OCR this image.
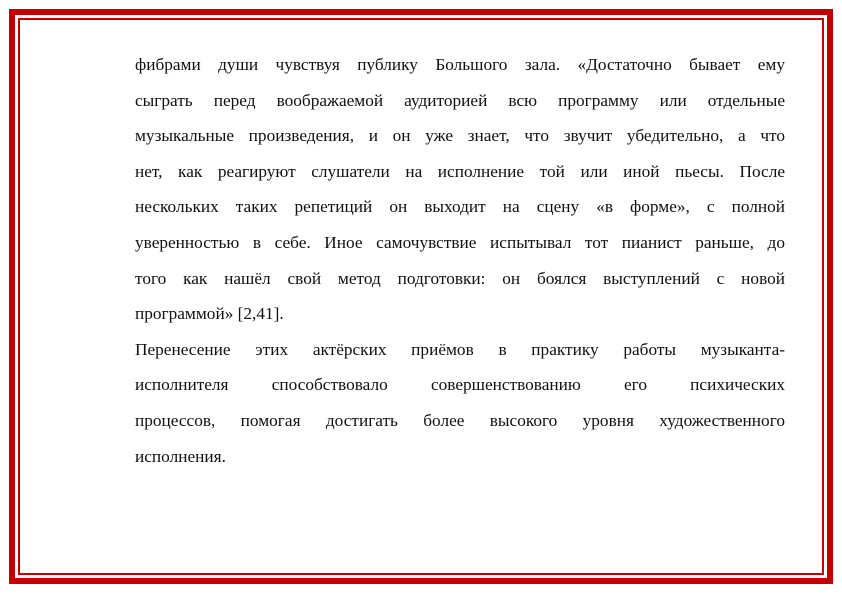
фибрами души чувствуя публику Большого зала. «Достаточно бывает ему
сыграть перед воображаемой аудиторией всю программу или отдельные
музыкальные произведения, и он уже знает, что звучит убедительно, а что
нет, как реагируют слушатели на исполнение той или иной пьесы. После
нескольких таких репетиций он выходит на сцену «в форме», с полной
уверенностью в себе. Иное самочувствие испытывал тот пианист раньше, до
того как нашёл свой метод подготовки: он боялся выступлений с новой
программой» [2,41].
Перенесение этих актёрских приёмов в практику работы музыканта-
исполнителя способствовало совершенствованию его психических
процессов, помогая достигать более высокого уровня художественного
исполнения.
